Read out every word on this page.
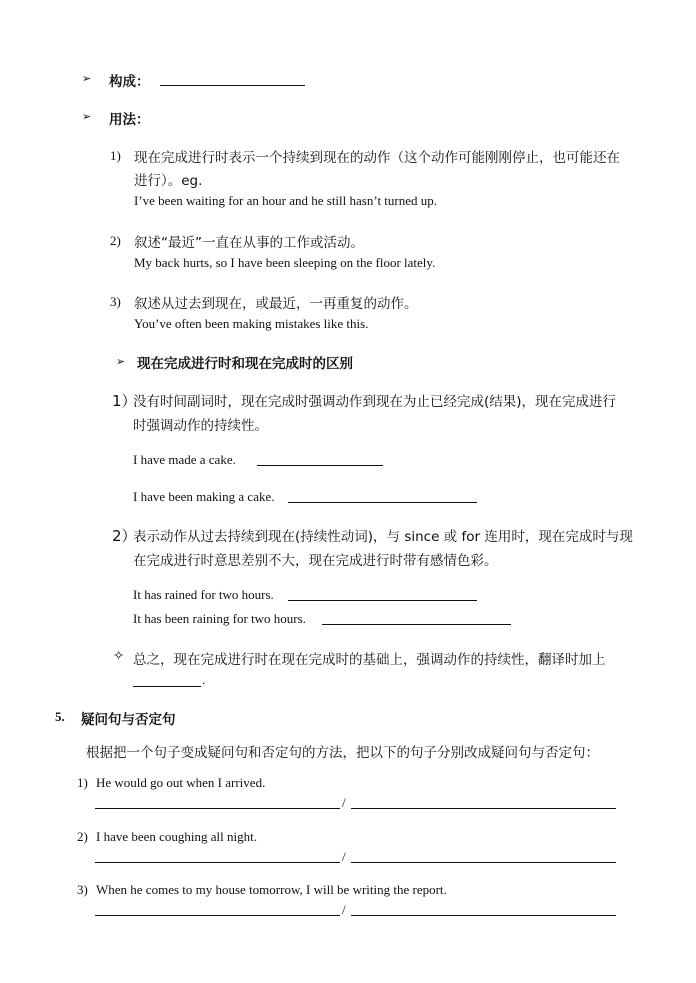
➢ 构成：
➢ 用法：
1) 现在完成进行时表示一个持续到现在的动作（这个动作可能刚刚停止，也可能还在
进行）。eg.
I’ve been waiting for an hour and he still hasn’t turned up.
2) 叙述“最近”一直在从事的工作或活动。
My back hurts, so I have been sleeping on the floor lately.
3) 叙述从过去到现在，或最近，一再重复的动作。
You’ve often been making mistakes like this.
➢ 现在完成进行时和现在完成时的区别
1）
没有时间副词时，现在完成时强调动作到现在为止已经完成(结果)，现在完成进行
时强调动作的持续性。
I have made a cake.
I have been making a cake.
2）
表示动作从过去持续到现在(持续性动词)，与 since 或 for 连用时，现在完成时与现
在完成进行时意思差别不大，现在完成进行时带有感情色彩。
It has rained for two hours.
It has been raining for two hours.
✧ 总之，现在完成进行时在现在完成时的基础上，强调动作的持续性，翻译时加上
.
5. 疑问句与否定句
根据把一个句子变成疑问句和否定句的方法，把以下的句子分别改成疑问句与否定句：
1) He would go out when I arrived.
/
2) I have been coughing all night.
/
3) When he comes to my house tomorrow, I will be writing the report.
/
